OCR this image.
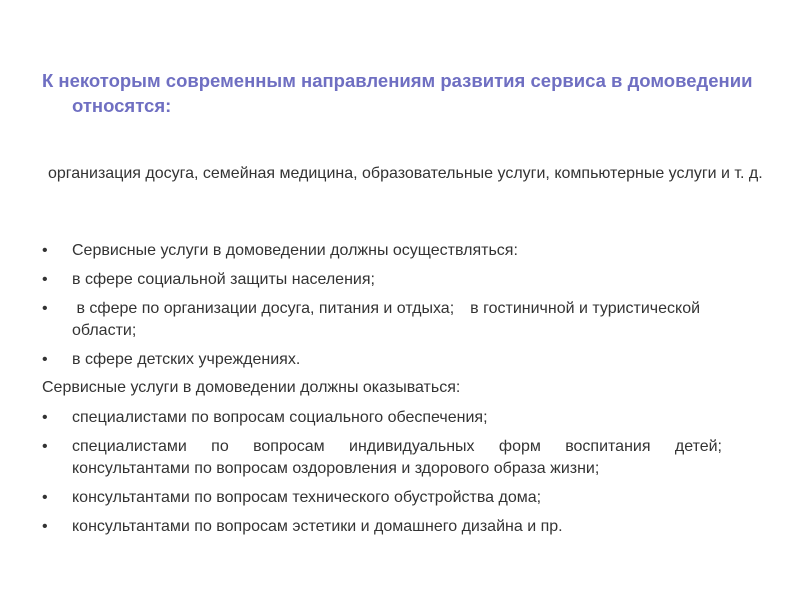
К некоторым современным направлениям развития сервиса в домоведении относятся:
организация досуга, семейная медицина, образовательные услуги, компьютерные услуги и т. д.
•	Сервисные услуги в домоведении должны осуществляться:
•	в сфере социальной защиты населения;
•	в сфере по организации досуга, питания и отдыха; в гостиничной и туристической области;
•	в сфере детских учреждениях.
Сервисные услуги в домоведении должны оказываться:
•	специалистами по вопросам социального обеспечения;
•	специалистами по вопросам индивидуальных форм воспитания детей; консультантами по вопросам оздоровления и здорового образа жизни;
•	консультантами по вопросам технического обустройства дома;
•	консультантами по вопросам эстетики и домашнего дизайна и пр.
